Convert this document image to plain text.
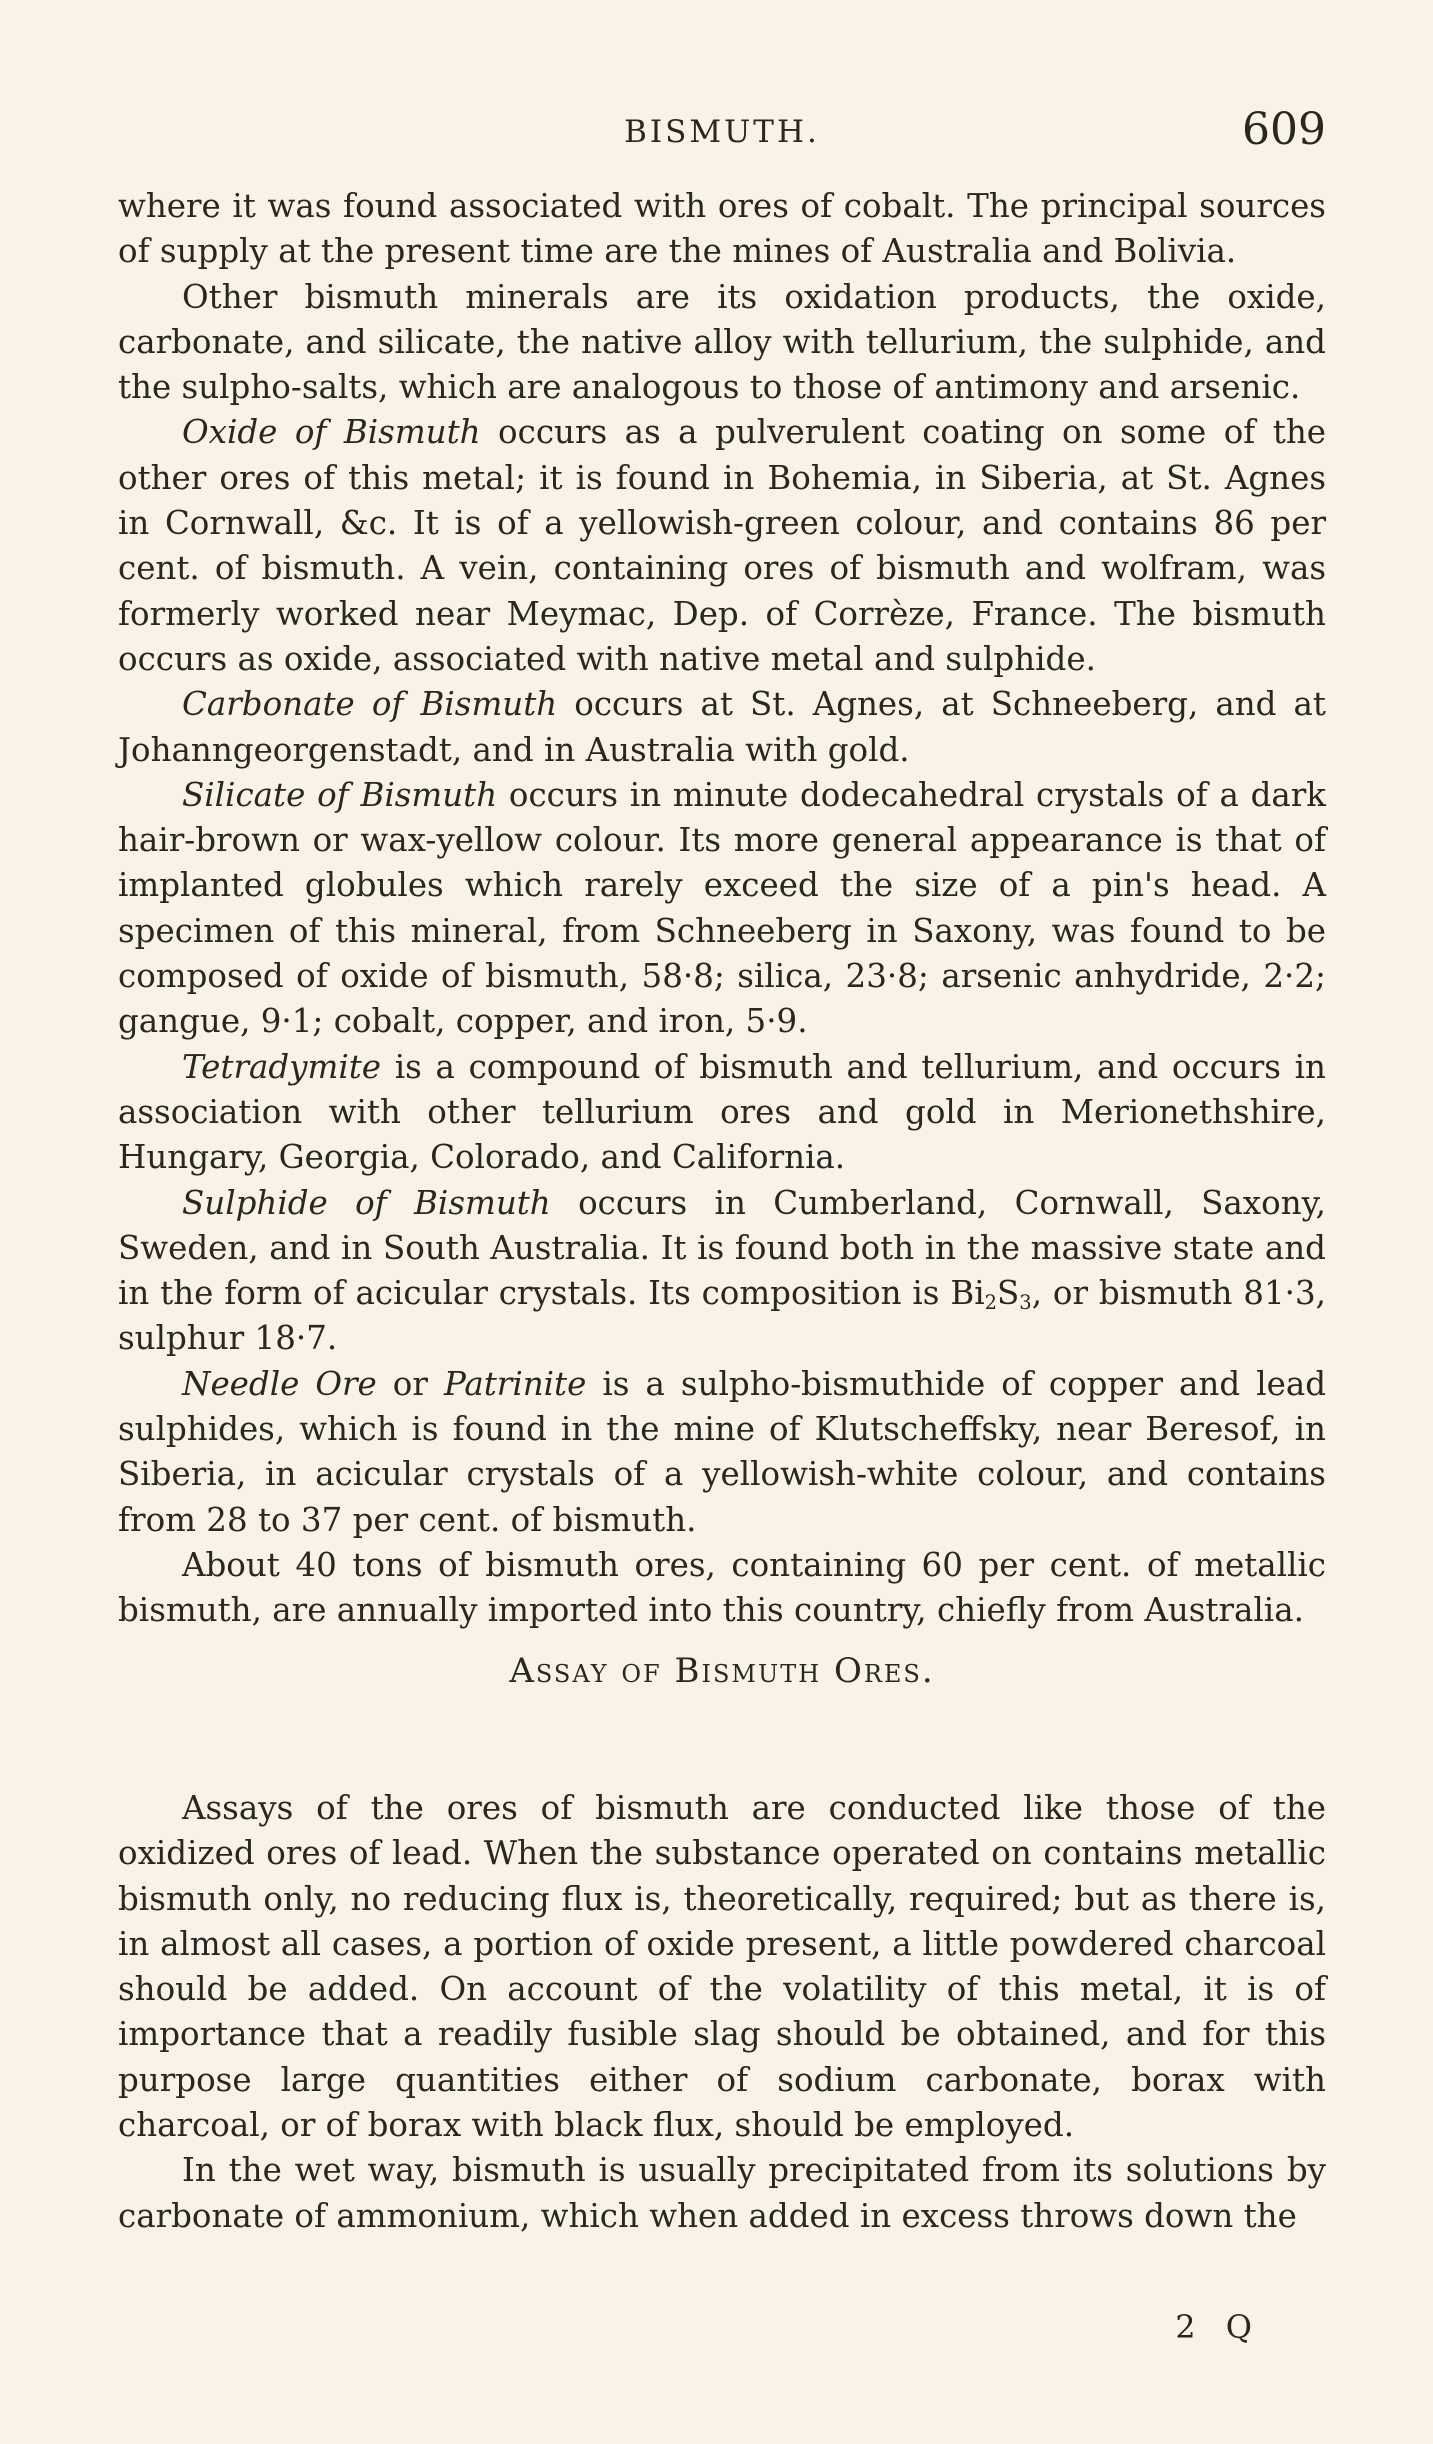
BISMUTH.	609

where it was found associated with ores of cobalt. The principal sources of supply at the present time are the mines of Australia and Bolivia.

Other bismuth minerals are its oxidation products, the oxide, carbonate, and silicate, the native alloy with tellurium, the sulphide, and the sulpho-salts, which are analogous to those of antimony and arsenic.

Oxide of Bismuth occurs as a pulverulent coating on some of the other ores of this metal; it is found in Bohemia, in Siberia, at St. Agnes in Cornwall, &c. It is of a yellowish-green colour, and contains 86 per cent. of bismuth. A vein, containing ores of bismuth and wolfram, was formerly worked near Meymac, Dep. of Corrèze, France. The bismuth occurs as oxide, associated with native metal and sulphide.

Carbonate of Bismuth occurs at St. Agnes, at Schneeberg, and at Johanngeorgenstadt, and in Australia with gold.

Silicate of Bismuth occurs in minute dodecahedral crystals of a dark hair-brown or wax-yellow colour. Its more general appearance is that of implanted globules which rarely exceed the size of a pin's head. A specimen of this mineral, from Schneeberg in Saxony, was found to be composed of oxide of bismuth, 58·8; silica, 23·8; arsenic anhydride, 2·2; gangue, 9·1; cobalt, copper, and iron, 5·9.

Tetradymite is a compound of bismuth and tellurium, and occurs in association with other tellurium ores and gold in Merionethshire, Hungary, Georgia, Colorado, and California.

Sulphide of Bismuth occurs in Cumberland, Cornwall, Saxony, Sweden, and in South Australia. It is found both in the massive state and in the form of acicular crystals. Its composition is $Bi_2S_3$, or bismuth 81·3, sulphur 18·7.

Needle Ore or Patrinite is a sulpho-bismuthide of copper and lead sulphides, which is found in the mine of Klutscheffsky, near Beresof, in Siberia, in acicular crystals of a yellowish-white colour, and contains from 28 to 37 per cent. of bismuth.

About 40 tons of bismuth ores, containing 60 per cent. of metallic bismuth, are annually imported into this country, chiefly from Australia.

Assay of Bismuth Ores.

Assays of the ores of bismuth are conducted like those of the oxidized ores of lead. When the substance operated on contains metallic bismuth only, no reducing flux is, theoretically, required; but as there is, in almost all cases, a portion of oxide present, a little powdered charcoal should be added. On account of the volatility of this metal, it is of importance that a readily fusible slag should be obtained, and for this purpose large quantities either of sodium carbonate, borax with charcoal, or of borax with black flux, should be employed.

In the wet way, bismuth is usually precipitated from its solutions by carbonate of ammonium, which when added in excess throws down the

2 Q
